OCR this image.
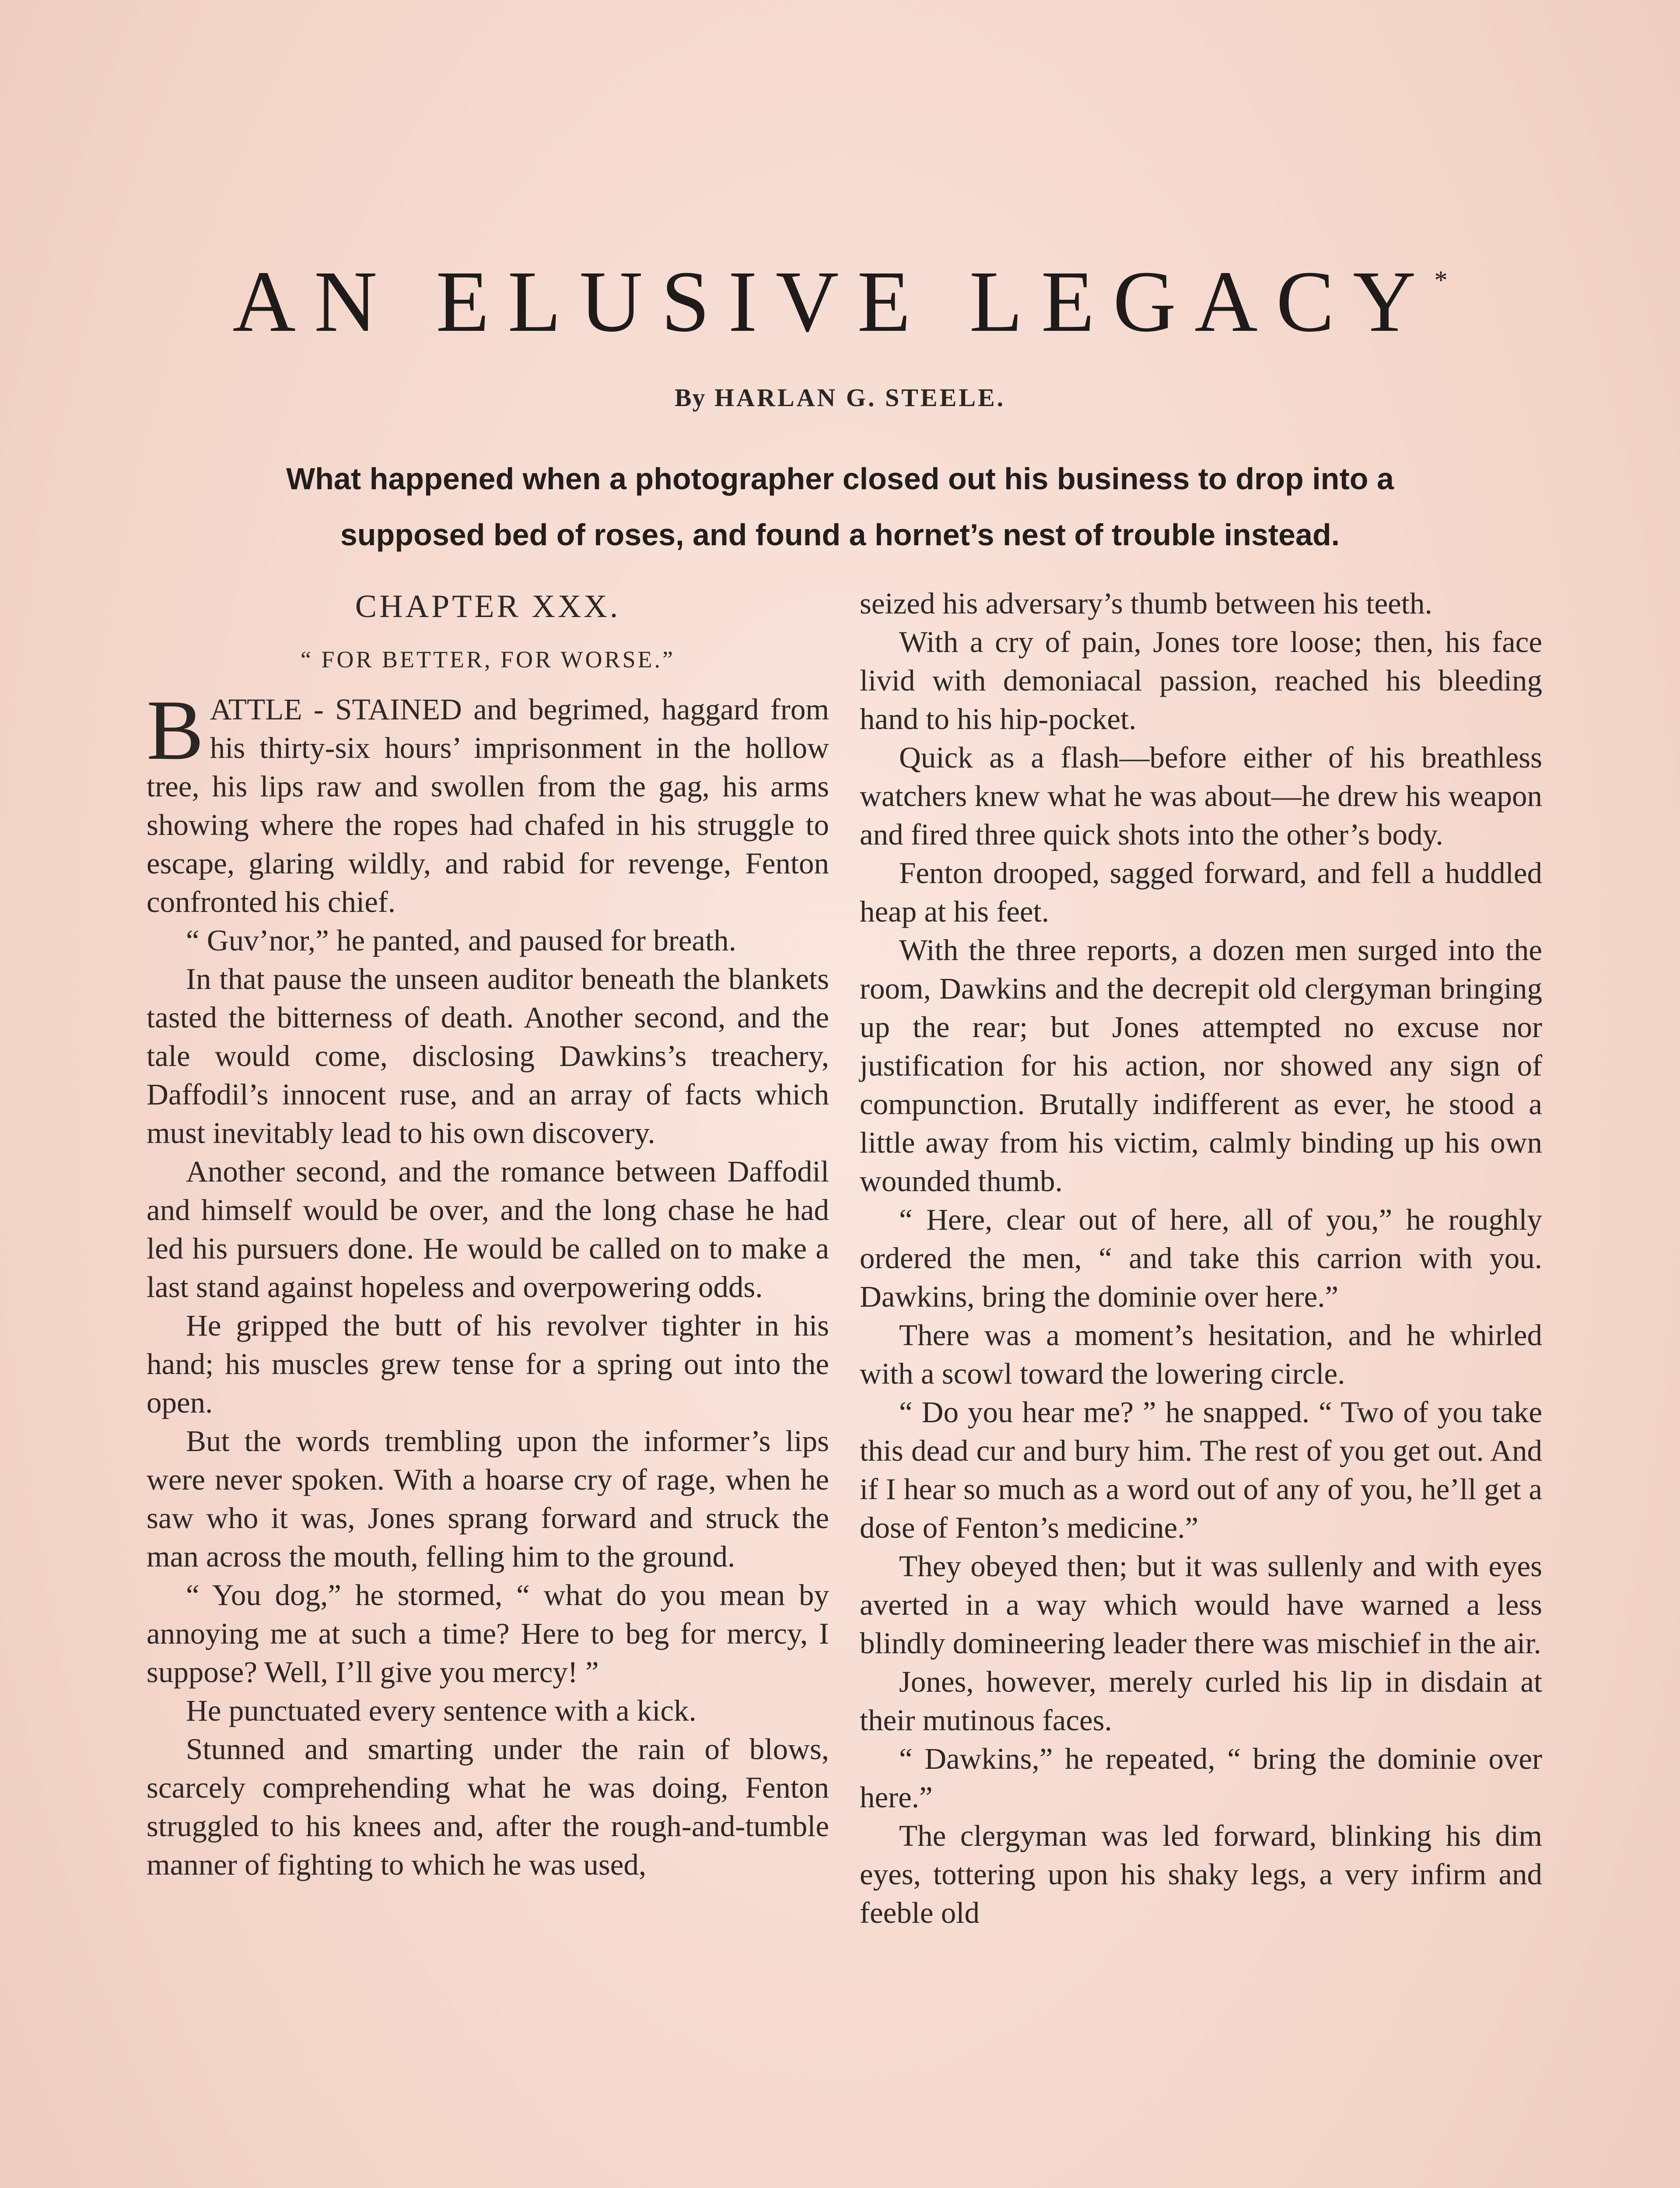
AN ELUSIVE LEGACY*
By HARLAN G. STEELE.
What happened when a photographer closed out his business to drop into a supposed bed of roses, and found a hornet’s nest of trouble instead.
CHAPTER XXX.
“ FOR BETTER, FOR WORSE.”

BATTLE - STAINED and begrimed, haggard from his thirty-six hours’ imprisonment in the hollow tree, his lips raw and swollen from the gag, his arms showing where the ropes had chafed in his struggle to escape, glaring wildly, and rabid for revenge, Fenton confronted his chief.

“ Guv’nor,” he panted, and paused for breath.

In that pause the unseen auditor beneath the blankets tasted the bitterness of death. Another second, and the tale would come, disclosing Dawkins’s treachery, Daffodil’s innocent ruse, and an array of facts which must inevitably lead to his own discovery.

Another second, and the romance between Daffodil and himself would be over, and the long chase he had led his pursuers done. He would be called on to make a last stand against hopeless and overpowering odds.

He gripped the butt of his revolver tighter in his hand; his muscles grew tense for a spring out into the open.

But the words trembling upon the informer’s lips were never spoken. With a hoarse cry of rage, when he saw who it was, Jones sprang forward and struck the man across the mouth, felling him to the ground.

“ You dog,” he stormed, “ what do you mean by annoying me at such a time? Here to beg for mercy, I suppose? Well, I’ll give you mercy! ”

He punctuated every sentence with a kick.

Stunned and smarting under the rain of blows, scarcely comprehending what he was doing, Fenton struggled to his knees and, after the rough-and-tumble manner of fighting to which he was used,

seized his adversary’s thumb between his teeth.

With a cry of pain, Jones tore loose; then, his face livid with demoniacal passion, reached his bleeding hand to his hip-pocket.

Quick as a flash—before either of his breathless watchers knew what he was about—he drew his weapon and fired three quick shots into the other’s body.

Fenton drooped, sagged forward, and fell a huddled heap at his feet.

With the three reports, a dozen men surged into the room, Dawkins and the decrepit old clergyman bringing up the rear; but Jones attempted no excuse nor justification for his action, nor showed any sign of compunction. Brutally indifferent as ever, he stood a little away from his victim, calmly binding up his own wounded thumb.

“ Here, clear out of here, all of you,” he roughly ordered the men, “ and take this carrion with you. Dawkins, bring the dominie over here.”

There was a moment’s hesitation, and he whirled with a scowl toward the lowering circle.

“ Do you hear me? ” he snapped. “ Two of you take this dead cur and bury him. The rest of you get out. And if I hear so much as a word out of any of you, he’ll get a dose of Fenton’s medicine.”

They obeyed then; but it was sullenly and with eyes averted in a way which would have warned a less blindly domineering leader there was mischief in the air.

Jones, however, merely curled his lip in disdain at their mutinous faces.

“ Dawkins,” he repeated, “ bring the dominie over here.”

The clergyman was led forward, blinking his dim eyes, tottering upon his shaky legs, a very infirm and feeble old
